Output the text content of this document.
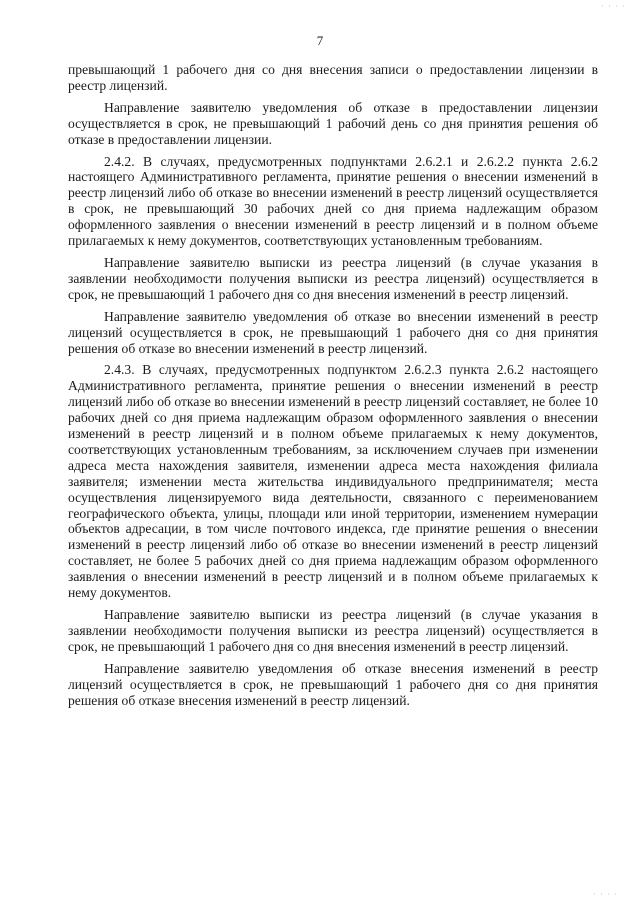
7

превышающий 1 рабочего дня со дня внесения записи о предоставлении лицензии в реестр лицензий.

Направление заявителю уведомления об отказе в предоставлении лицензии осуществляется в срок, не превышающий 1 рабочий день со дня принятия решения об отказе в предоставлении лицензии.

2.4.2. В случаях, предусмотренных подпунктами 2.6.2.1 и 2.6.2.2 пункта 2.6.2 настоящего Административного регламента, принятие решения о внесении изменений в реестр лицензий либо об отказе во внесении изменений в реестр лицензий осуществляется в срок, не превышающий 30 рабочих дней со дня приема надлежащим образом оформленного заявления о внесении изменений в реестр лицензий и в полном объеме прилагаемых к нему документов, соответствующих установленным требованиям.

Направление заявителю выписки из реестра лицензий (в случае указания в заявлении необходимости получения выписки из реестра лицензий) осуществляется в срок, не превышающий 1 рабочего дня со дня внесения изменений в реестр лицензий.

Направление заявителю уведомления об отказе во внесении изменений в реестр лицензий осуществляется в срок, не превышающий 1 рабочего дня со дня принятия решения об отказе во внесении изменений в реестр лицензий.

2.4.3. В случаях, предусмотренных подпунктом 2.6.2.3 пункта 2.6.2 настоящего Административного регламента, принятие решения о внесении изменений в реестр лицензий либо об отказе во внесении изменений в реестр лицензий составляет, не более 10 рабочих дней со дня приема надлежащим образом оформленного заявления о внесении изменений в реестр лицензий и в полном объеме прилагаемых к нему документов, соответствующих установленным требованиям, за исключением случаев при изменении адреса места нахождения заявителя, изменении адреса места нахождения филиала заявителя; изменении места жительства индивидуального предпринимателя; места осуществления лицензируемого вида деятельности, связанного с переименованием географического объекта, улицы, площади или иной территории, изменением нумерации объектов адресации, в том числе почтового индекса, где принятие решения о внесении изменений в реестр лицензий либо об отказе во внесении изменений в реестр лицензий составляет, не более 5 рабочих дней со дня приема надлежащим образом оформленного заявления о внесении изменений в реестр лицензий и в полном объеме прилагаемых к нему документов.

Направление заявителю выписки из реестра лицензий (в случае указания в заявлении необходимости получения выписки из реестра лицензий) осуществляется в срок, не превышающий 1 рабочего дня со дня внесения изменений в реестр лицензий.

Направление заявителю уведомления об отказе внесения изменений в реестр лицензий осуществляется в срок, не превышающий 1 рабочего дня со дня принятия решения об отказе внесения изменений в реестр лицензий.

· · · ·
· · · ·
